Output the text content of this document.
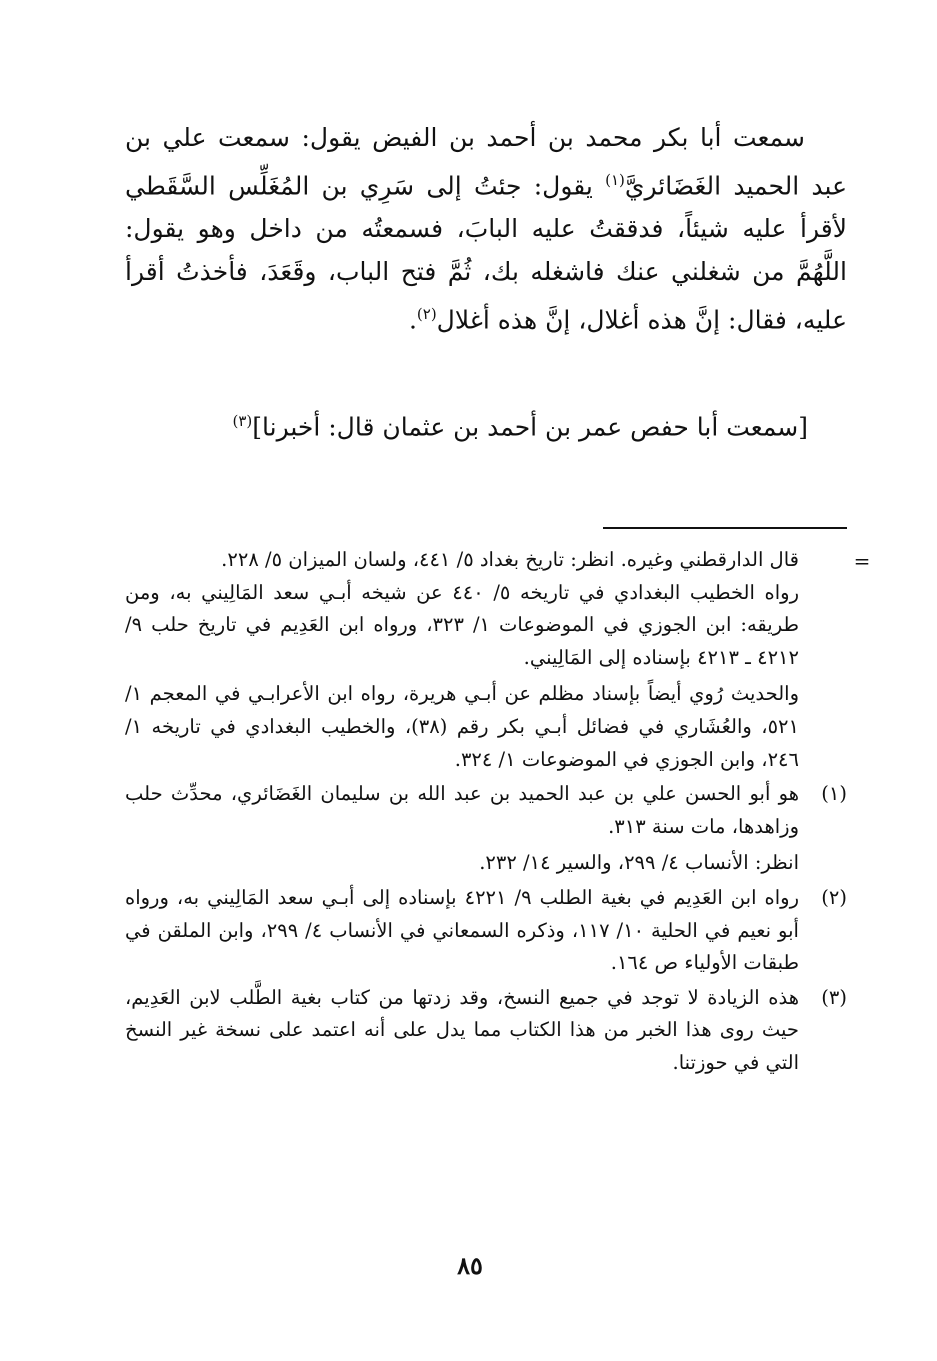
سمعت أبا بكر محمد بن أحمد بن الفيض يقول: سمعت علي بن عبد الحميد الغَضَائريَّ$^{(١)}$ يقول: جئتُ إلى سَرِي بن المُغَلِّس السَّقَطي لأقرأ عليه شيئاً، فدققتُ عليه البابَ، فسمعتُه من داخل وهو يقول: اللَّهُمَّ من شغلني عنك فاشغله بك، ثُمَّ فتح الباب، وقَعَدَ، فأخذتُ أقرأ عليه، فقال: إنَّ هذه أغلال، إنَّ هذه أغلال$^{(٢)}$.

[سمعت أبا حفص عمر بن أحمد بن عثمان قال: أخبرنا]$^{(٣)}$
=

قال الدارقطني وغيره. انظر: تاريخ بغداد ٥/ ٤٤١، ولسان الميزان ٥/ ٢٢٨.

رواه الخطيب البغدادي في تاريخه ٥/ ٤٤٠ عن شيخه أبـي سعد المَالِيني به، ومن طريقه: ابن الجوزي في الموضوعات ١/ ٣٢٣، ورواه ابن العَدِيم في تاريخ حلب ٩/ ٤٢١٢ ـ ٤٢١٣ بإسناده إلى المَالِيني.

والحديث رُوي أيضاً بإسناد مظلم عن أبـي هريرة، رواه ابن الأعرابـي في المعجم ١/ ٥٢١، والعُشَاري في فضائل أبـي بكر رقم (٣٨)، والخطيب البغدادي في تاريخه ١/ ٢٤٦، وابن الجوزي في الموضوعات ١/ ٣٢٤.

(١)

هو أبو الحسن علي بن عبد الحميد بن عبد الله بن سليمان الغَضَائري، محدِّث حلب وزاهدها، مات سنة ٣١٣.

انظر: الأنساب ٤/ ٢٩٩، والسير ١٤/ ٢٣٢.

(٢)

رواه ابن العَدِيم في بغية الطلب ٩/ ٤٢٢١ بإسناده إلى أبـي سعد المَالِيني به، ورواه أبو نعيم في الحلية ١٠/ ١١٧، وذكره السمعاني في الأنساب ٤/ ٢٩٩، وابن الملقن في طبقات الأولياء ص ١٦٤.

(٣)

هذه الزيادة لا توجد في جميع النسخ، وقد زدتها من كتاب بغية الطَّلب لابن العَدِيم، حيث روى هذا الخبر من هذا الكتاب مما يدل على أنه اعتمد على نسخة غير النسخ التي في حوزتنا.

٨٥
